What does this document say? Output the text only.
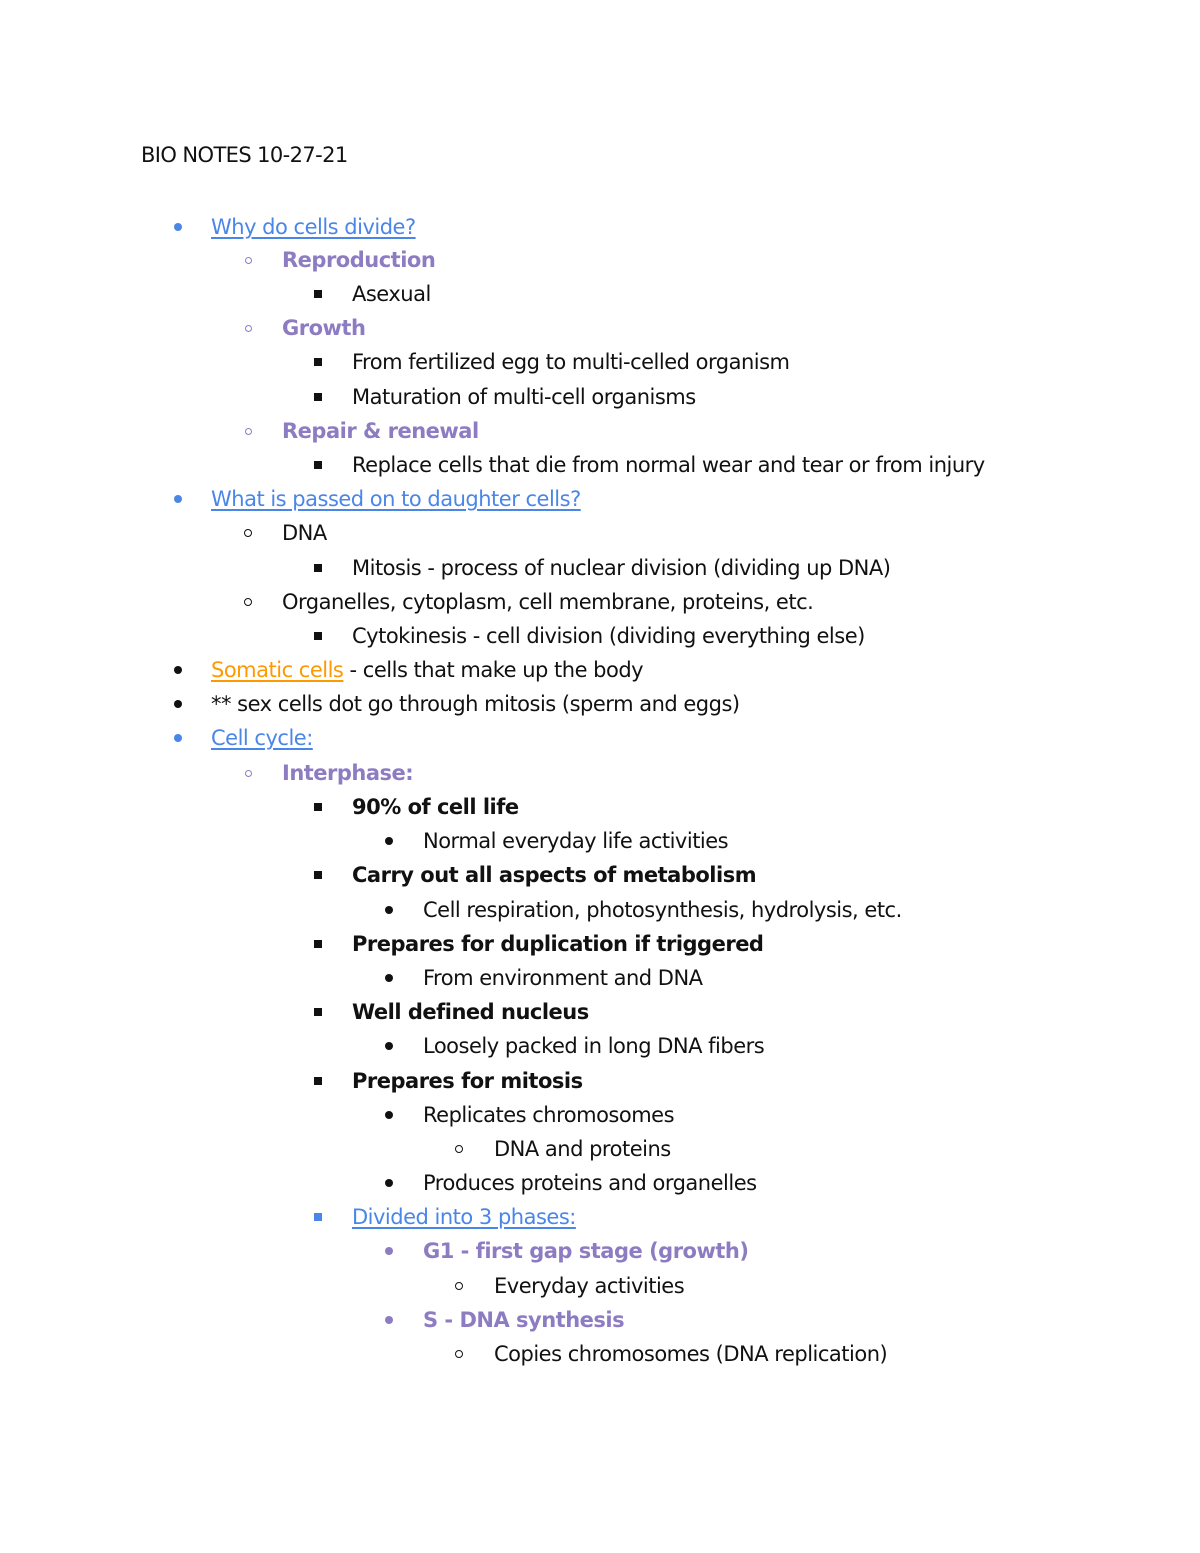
BIO NOTES 10-27-21
Why do cells divide?
Reproduction
Asexual
Growth
From fertilized egg to multi-celled organism
Maturation of multi-cell organisms
Repair & renewal
Replace cells that die from normal wear and tear or from injury
What is passed on to daughter cells?
DNA
Mitosis - process of nuclear division (dividing up DNA)
Organelles, cytoplasm, cell membrane, proteins, etc.
Cytokinesis - cell division (dividing everything else)
Somatic cells - cells that make up the body
** sex cells dot go through mitosis (sperm and eggs)
Cell cycle:
Interphase:
90% of cell life
Normal everyday life activities
Carry out all aspects of metabolism
Cell respiration, photosynthesis, hydrolysis, etc.
Prepares for duplication if triggered
From environment and DNA
Well defined nucleus
Loosely packed in long DNA fibers
Prepares for mitosis
Replicates chromosomes
DNA and proteins
Produces proteins and organelles
Divided into 3 phases:
G1 - first gap stage (growth)
Everyday activities
S - DNA synthesis
Copies chromosomes (DNA replication)
